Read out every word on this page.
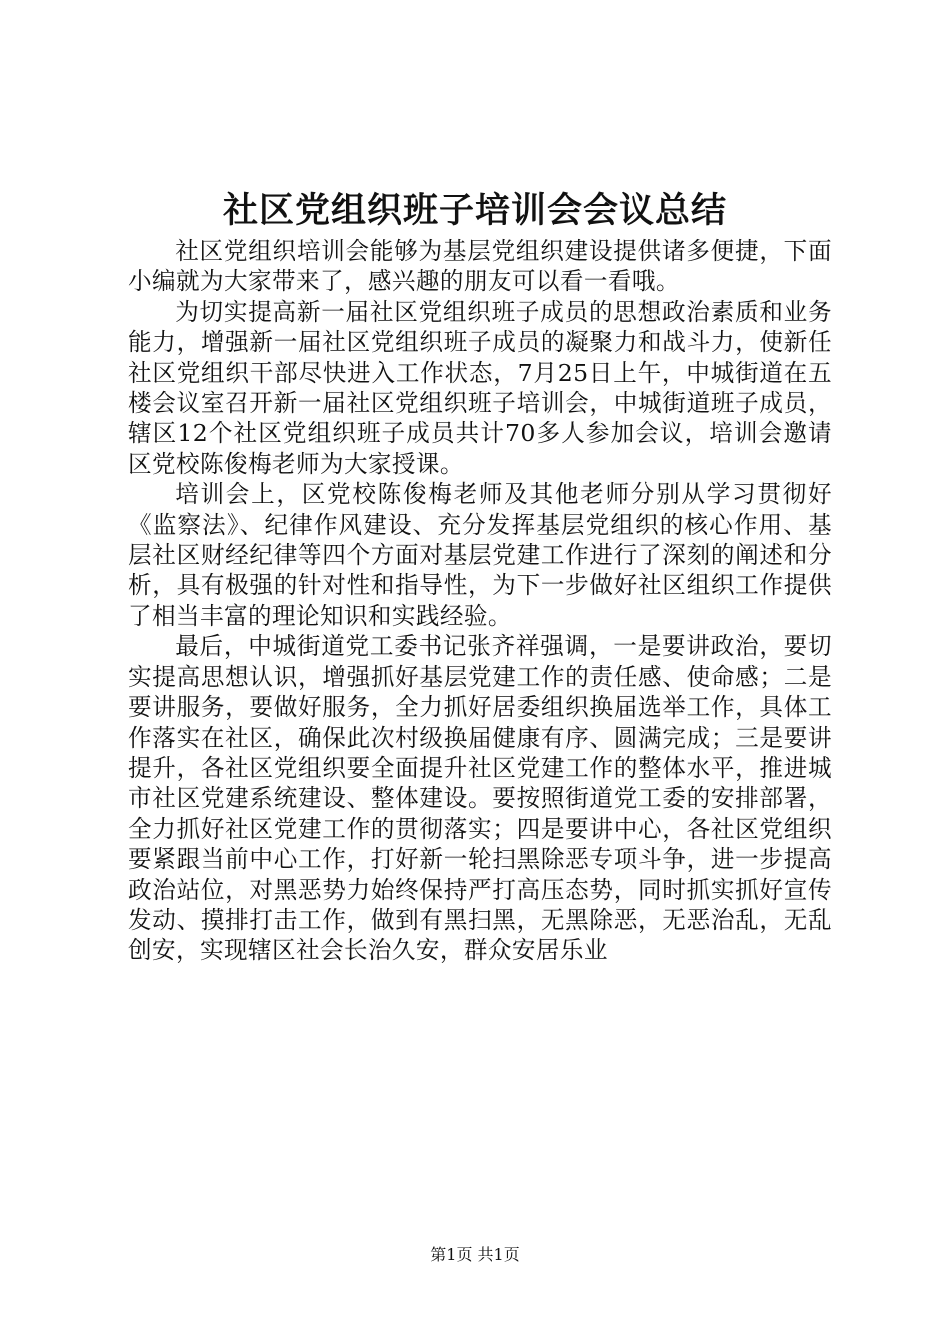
社区党组织班子培训会会议总结

社区党组织培训会能够为基层党组织建设提供诸多便捷，下面小编就为大家带来了，感兴趣的朋友可以看一看哦。

为切实提高新一届社区党组织班子成员的思想政治素质和业务能力，增强新一届社区党组织班子成员的凝聚力和战斗力，使新任社区党组织干部尽快进入工作状态，7月25日上午，中城街道在五楼会议室召开新一届社区党组织班子培训会，中城街道班子成员，辖区12个社区党组织班子成员共计70多人参加会议，培训会邀请区党校陈俊梅老师为大家授课。

培训会上，区党校陈俊梅老师及其他老师分别从学习贯彻好《监察法》、纪律作风建设、充分发挥基层党组织的核心作用、基层社区财经纪律等四个方面对基层党建工作进行了深刻的阐述和分析，具有极强的针对性和指导性，为下一步做好社区组织工作提供了相当丰富的理论知识和实践经验。

最后，中城街道党工委书记张齐祥强调，一是要讲政治，要切实提高思想认识，增强抓好基层党建工作的责任感、使命感；二是要讲服务，要做好服务，全力抓好居委组织换届选举工作，具体工作落实在社区，确保此次村级换届健康有序、圆满完成；三是要讲提升，各社区党组织要全面提升社区党建工作的整体水平，推进城市社区党建系统建设、整体建设。要按照街道党工委的安排部署，全力抓好社区党建工作的贯彻落实；四是要讲中心，各社区党组织要紧跟当前中心工作，打好新一轮扫黑除恶专项斗争，进一步提高政治站位，对黑恶势力始终保持严打高压态势，同时抓实抓好宣传发动、摸排打击工作，做到有黑扫黑，无黑除恶，无恶治乱，无乱创安，实现辖区社会长治久安，群众安居乐业

第1页 共1页
